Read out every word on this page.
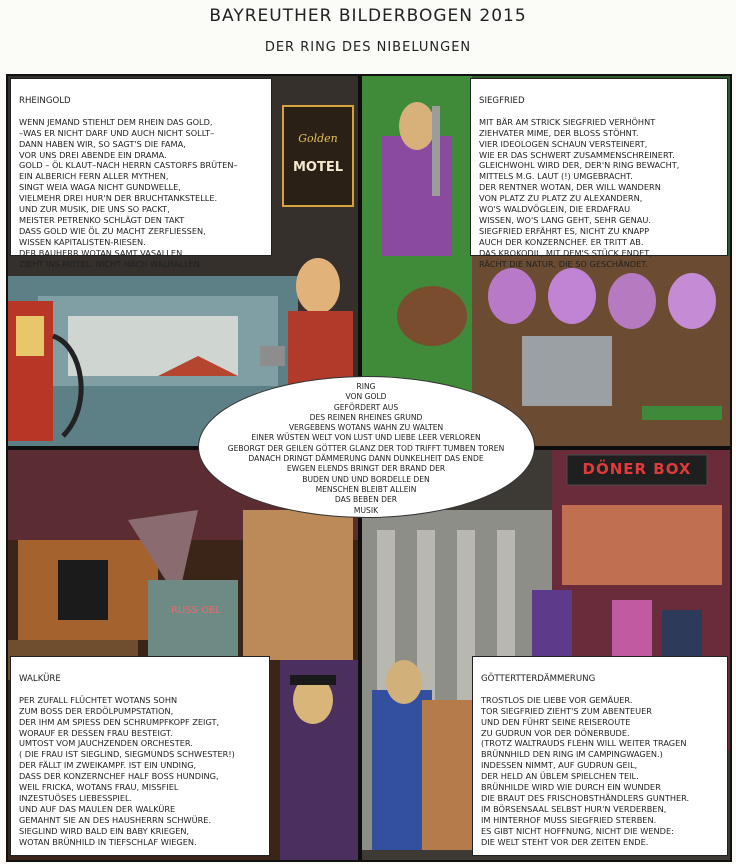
BAYREUTHER BILDERBOGEN 2015
DER RING DES NIBELUNGEN
Golden
MOTEL

RHEINGOLD
WENN JEMAND STIEHLT DEM RHEIN DAS GOLD,
–WAS ER NICHT DARF UND AUCH NICHT SOLLT–
DANN HABEN WIR, SO SAGT'S DIE FAMA,
VOR UNS DREI ABENDE EIN DRAMA.
GOLD – ÖL KLAUT–NACH HERRN CASTORFS BRÜTEN–
EIN ALBERICH FERN ALLER MYTHEN,
SINGT WEIA WAGA NICHT GUNDWELLE,
VIELMEHR DREI HUR'N DER BRUCHTANKSTELLE.
UND ZUR MUSIK, DIE UNS SO PACKT,
MEISTER PETRENKO SCHLÄGT DEN TAKT
DASS GOLD WIE ÖL ZU MACHT ZERFLIESSEN,
WISSEN KAPITALISTEN-RIESEN.
DER BAUHERR WOTAN SAMT VASALLEN
ZIEHT INS MOTEL. NICHT NACH WALHALLEN.

SIEGFRIED
MIT BÄR AM STRICK SIEGFRIED VERHÖHNT
ZIEHVATER MIME, DER BLOSS STÖHNT.
VIER IDEOLOGEN SCHAUN VERSTEINERT,
WIE ER DAS SCHWERT ZUSAMMENSCHREINERT.
GLEICHWOHL WIRD DER, DER'N RING BEWACHT,
MITTELS M.G. LAUT (!) UMGEBRACHT.
DER RENTNER WOTAN, DER WILL WANDERN
VON PLATZ ZU PLATZ ZU ALEXANDERN,
WO'S WALDVÖGLEIN, DIE ERDAFRAU
WISSEN, WO'S LANG GEHT, SEHR GENAU.
SIEGFRIED ERFÄHRT ES, NICHT ZU KNAPP
AUCH DER KONZERNCHEF. ER TRITT AB.
DAS KROKODIL, MIT DEM'S STÜCK ENDET,
RÄCHT DIE NATUR, DIE SO GESCHÄNDET.

RUSS OEL
DÖNER BOX

GÖTTERTTERDÄMMERUNG
TROSTLOS DIE LIEBE VOR GEMÄUER.
TOR SIEGFRIED ZIEHT'S ZUM ABENTEUER
UND DEN FÜHRT SEINE REISEROUTE
ZU GUDRUN VOR DER DÖNERBUDE.
(TROTZ WALTRAUDS FLEHN WILL WEITER TRAGEN
BRÜNNHILD DEN RING IM CAMPINGWAGEN.)
INDESSEN NIMMT, AUF GUDRUN GEIL,
DER HELD AN ÜBLEM SPIELCHEN TEIL.
BRÜNHILDE WIRD WIE DURCH EIN WUNDER
DIE BRAUT DES FRISCHOBSTHÄNDLERS GUNTHER.
IM BÖRSENSAAL SELBST HUR'N VERDERBEN,
IM HINTERHOF MUSS SIEGFRIED STERBEN.
ES GIBT NICHT HOFFNUNG, NICHT DIE WENDE:
DIE WELT STEHT VOR DER ZEITEN ENDE.

WALKÜRE
PER ZUFALL FLÜCHTET WOTANS SOHN
ZUM BOSS DER ERDÖLPUMPSTATION,
DER IHM AM SPIESS DEN SCHRUMPFKOPF ZEIGT,
WORAUF ER DESSEN FRAU BESTEIGT.
UMTOST VOM JAUCHZENDEN ORCHESTER.
( DIE FRAU IST SIEGLIND, SIEGMUNDS SCHWESTER!)
DER FÄLLT IM ZWEIKAMPF. IST EIN UNDING,
DASS DER KONZERNCHEF HALF BOSS HUNDING,
WEIL FRICKA, WOTANS FRAU, MISSFIEL
INZESTUÖSES LIEBESSPIEL.
UND AUF DAS MAULEN DER WALKÜRE
GEMAHNT SIE AN DES HAUSHERRN SCHWÜRE.
SIEGLIND WIRD BALD EIN BABY KRIEGEN,
WOTAN BRÜNHILD IN TIEFSCHLAF WIEGEN.

RING
VON GOLD
GEFÖRDERT AUS
DES REINEN RHEINES GRUND
VERGEBENS WOTANS WAHN ZU WALTEN
EINER WÜSTEN WELT VON LUST UND LIEBE LEER VERLOREN
GEBORGT DER GEILEN GÖTTER GLANZ DER TOD TRIFFT TUMBEN TOREN
DANACH DRINGT DÄMMERUNG DANN DUNKELHEIT DAS ENDE
EWGEN ELENDS BRINGT DER BRAND DER
BUDEN UND UND BORDELLE DEN
MENSCHEN BLEIBT ALLEIN
DAS BEBEN DER
MUSIK
